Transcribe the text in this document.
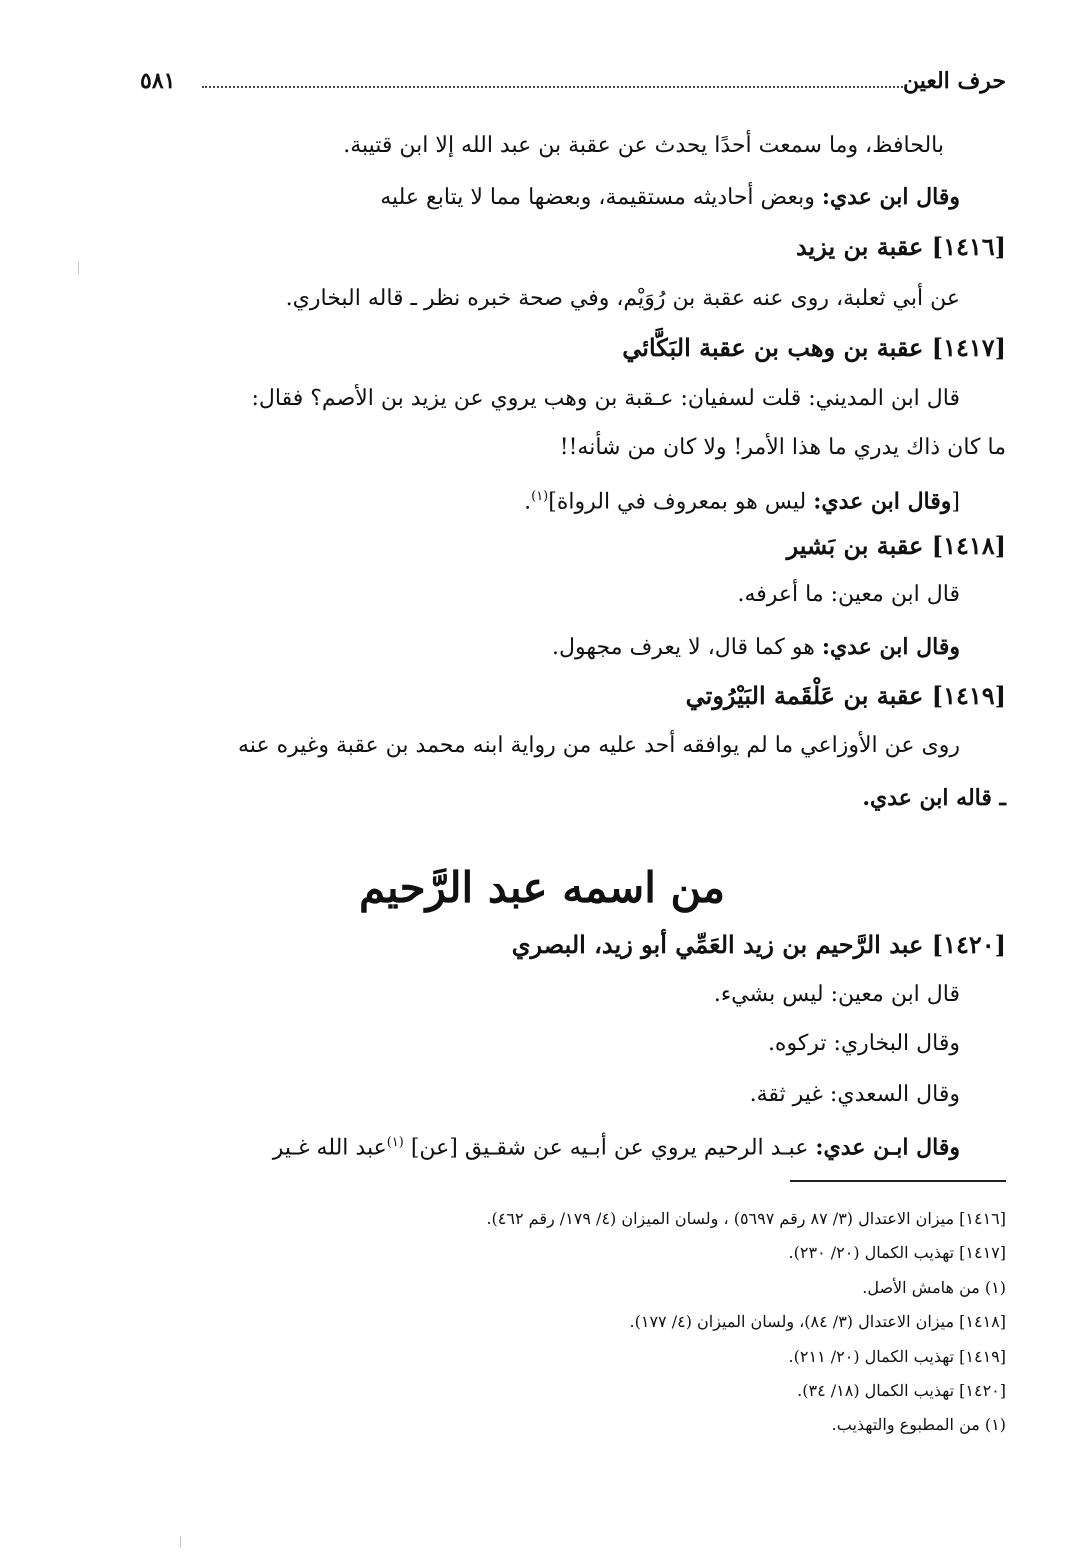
حرف العين
٥٨١
بالحافظ، وما سمعت أحدًا يحدث عن عقبة بن عبد الله إلا ابن قتيبة.
وقال ابن عدي: وبعض أحاديثه مستقيمة، وبعضها مما لا يتابع عليه
[١٤١٦] عقبة بن يزيد
عن أبي ثعلبة، روى عنه عقبة بن رُوَيْم، وفي صحة خبره نظر ـ قاله البخاري.
[١٤١٧] عقبة بن وهب بن عقبة البَكَّائي
قال ابن المديني: قلت لسفيان: عـقبة بن وهب يروي عن يزيد بن الأصم؟ فقال:
ما كان ذاك يدري ما هذا الأمر! ولا كان من شأنه!!
[وقال ابن عدي: ليس هو بمعروف في الرواة]$^{(١)}$.
[١٤١٨] عقبة بن بَشير
قال ابن معين: ما أعرفه.
وقال ابن عدي: هو كما قال، لا يعرف مجهول.
[١٤١٩] عقبة بن عَلْقَمة البَيْرُوتي
روى عن الأوزاعي ما لم يوافقه أحد عليه من رواية ابنه محمد بن عقبة وغيره عنه
ـ قاله ابن عدي.
من اسمه عبد الرَّحيم
[١٤٢٠] عبد الرَّحيم بن زيد العَمِّي أبو زيد، البصري
قال ابن معين: ليس بشيء.
وقال البخاري: تركوه.
وقال السعدي: غير ثقة.
وقال ابـن عدي: عبـد الرحيم يروي عن أبـيه عن شقـيق [عن] $^{(١)}$عبد الله غـير
[١٤١٦] ميزان الاعتدال (٣/ ٨٧ رقم ٥٦٩٧) ، ولسان الميزان (٤/ ١٧٩/ رقم ٤٦٢).
[١٤١٧] تهذيب الكمال (٢٠/ ٢٣٠).
(١) من هامش الأصل.
[١٤١٨] ميزان الاعتدال (٣/ ٨٤)، ولسان الميزان (٤/ ١٧٧).
[١٤١٩] تهذيب الكمال (٢٠/ ٢١١).
[١٤٢٠] تهذيب الكمال (١٨/ ٣٤).
(١) من المطبوع والتهذيب.
